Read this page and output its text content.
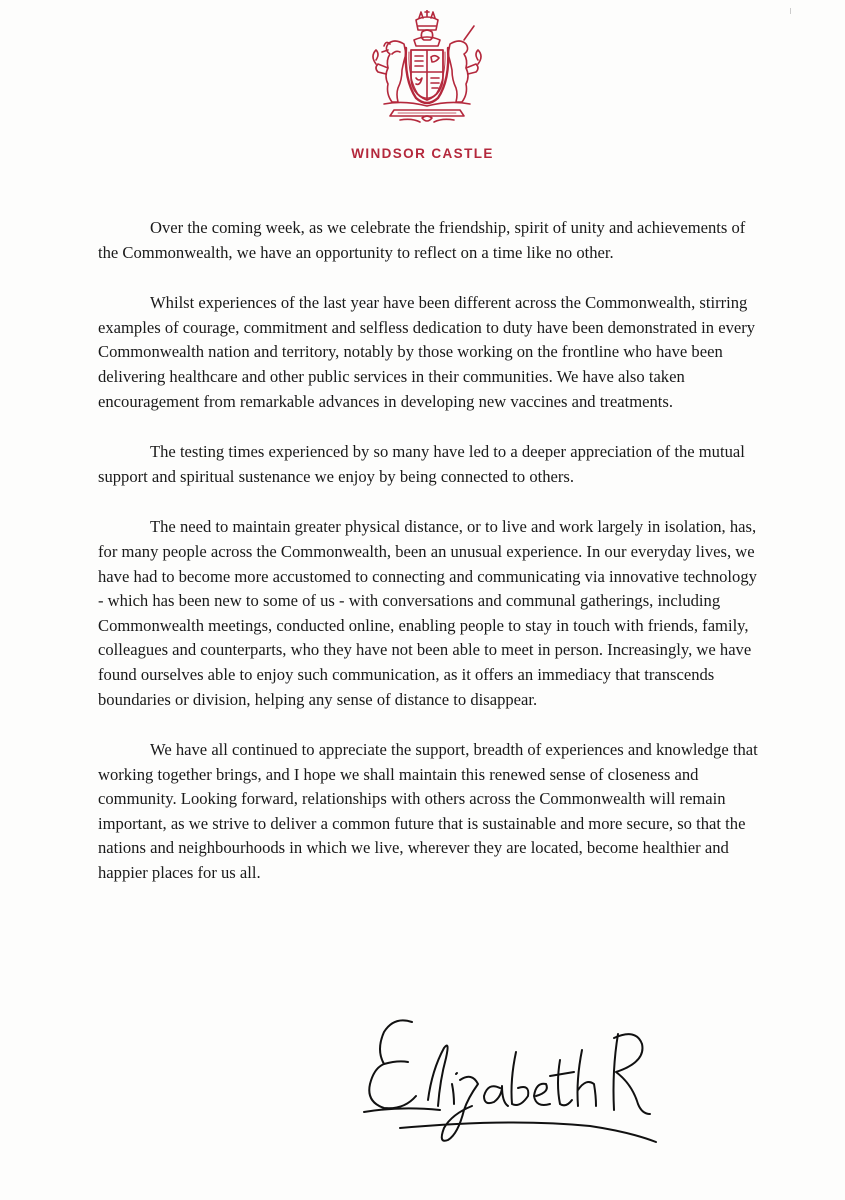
WINDSOR CASTLE

Over the coming week, as we celebrate the friendship, spirit of unity and achievements of the Commonwealth, we have an opportunity to reflect on a time like no other.

Whilst experiences of the last year have been different across the Commonwealth, stirring examples of courage, commitment and selfless dedication to duty have been demonstrated in every Commonwealth nation and territory, notably by those working on the frontline who have been delivering healthcare and other public services in their communities. We have also taken encouragement from remarkable advances in developing new vaccines and treatments.

The testing times experienced by so many have led to a deeper appreciation of the mutual support and spiritual sustenance we enjoy by being connected to others.

The need to maintain greater physical distance, or to live and work largely in isolation, has, for many people across the Commonwealth, been an unusual experience. In our everyday lives, we have had to become more accustomed to connecting and communicating via innovative technology - which has been new to some of us - with conversations and communal gatherings, including Commonwealth meetings, conducted online, enabling people to stay in touch with friends, family, colleagues and counterparts, who they have not been able to meet in person. Increasingly, we have found ourselves able to enjoy such communication, as it offers an immediacy that transcends boundaries or division, helping any sense of distance to disappear.

We have all continued to appreciate the support, breadth of experiences and knowledge that working together brings, and I hope we shall maintain this renewed sense of closeness and community. Looking forward, relationships with others across the Commonwealth will remain important, as we strive to deliver a common future that is sustainable and more secure, so that the nations and neighbourhoods in which we live, wherever they are located, become healthier and happier places for us all.
